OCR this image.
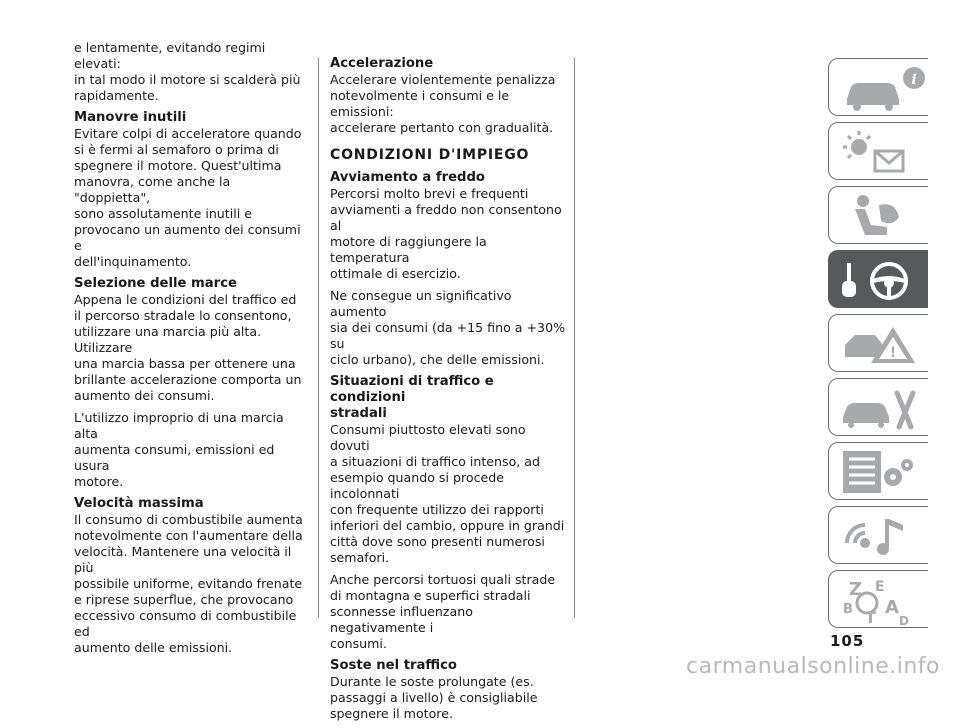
e lentamente, evitando regimi elevati:
in tal modo il motore si scalderà più
rapidamente.

Manovre inutili

Evitare colpi di acceleratore quando
si è fermi al semaforo o prima di
spegnere il motore. Quest'ultima
manovra, come anche la "doppietta",
sono assolutamente inutili e
provocano un aumento dei consumi e
dell'inquinamento.

Selezione delle marce

Appena le condizioni del traffico ed
il percorso stradale lo consentono,
utilizzare una marcia più alta. Utilizzare
una marcia bassa per ottenere una
brillante accelerazione comporta un
aumento dei consumi.

L'utilizzo improprio di una marcia alta
aumenta consumi, emissioni ed usura
motore.

Velocità massima

Il consumo di combustibile aumenta
notevolmente con l'aumentare della
velocità. Mantenere una velocità il più
possibile uniforme, evitando frenate
e riprese superflue, che provocano
eccessivo consumo di combustibile ed
aumento delle emissioni.

Accelerazione

Accelerare violentemente penalizza
notevolmente i consumi e le emissioni:
accelerare pertanto con gradualità.

CONDIZIONI D'IMPIEGO
Avviamento a freddo

Percorsi molto brevi e frequenti
avviamenti a freddo non consentono al
motore di raggiungere la temperatura
ottimale di esercizio.

Ne consegue un significativo aumento
sia dei consumi (da +15 fino a +30% su
ciclo urbano), che delle emissioni.

Situazioni di traffico e condizioni
stradali

Consumi piuttosto elevati sono dovuti
a situazioni di traffico intenso, ad
esempio quando si procede incolonnati
con frequente utilizzo dei rapporti
inferiori del cambio, oppure in grandi
città dove sono presenti numerosi
semafori.

Anche percorsi tortuosi quali strade
di montagna e superfici stradali
sconnesse influenzano negativamente i
consumi.

Soste nel traffico

Durante le soste prolungate (es.
passaggi a livello) è consigliabile
spegnere il motore.

i
!
Z E
B A
T D
105
carmanualsonline.info
